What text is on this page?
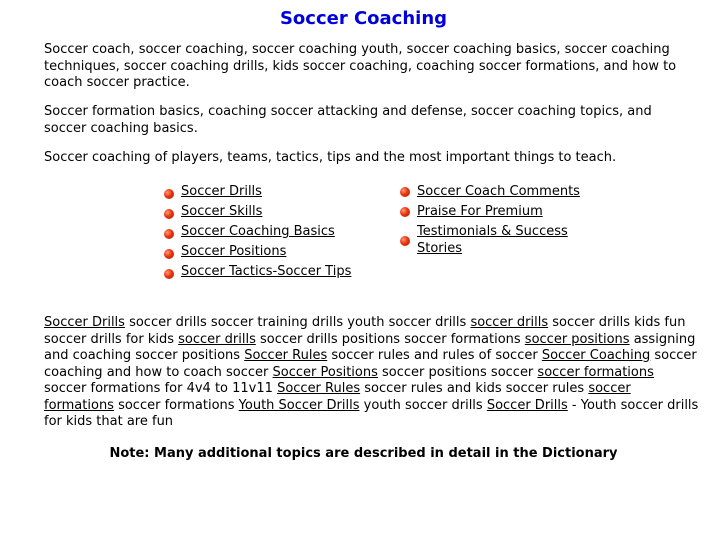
Soccer Coaching

Soccer coach, soccer coaching, soccer coaching youth, soccer coaching basics, soccer coaching techniques, soccer coaching drills, kids soccer coaching, coaching soccer formations, and how to coach soccer practice.

Soccer formation basics, coaching soccer attacking and defense, soccer coaching topics, and soccer coaching basics.

Soccer coaching of players, teams, tactics, tips and the most important things to teach.

Soccer Drills
Soccer Skills
Soccer Coaching Basics
Soccer Positions
Soccer Tactics-Soccer Tips
Soccer Coach Comments
Praise For Premium
Testimonials & Success Stories

Soccer Drills soccer drills soccer training drills youth soccer drills soccer drills soccer drills kids fun soccer drills for kids soccer drills soccer drills positions soccer formations soccer positions assigning and coaching soccer positions Soccer Rules soccer rules and rules of soccer Soccer Coaching soccer coaching and how to coach soccer Soccer Positions soccer positions soccer soccer formations soccer formations for 4v4 to 11v11 Soccer Rules soccer rules and kids soccer rules soccer formations soccer formations Youth Soccer Drills youth soccer drills Soccer Drills - Youth soccer drills for kids that are fun

Note: Many additional topics are described in detail in the Dictionary
